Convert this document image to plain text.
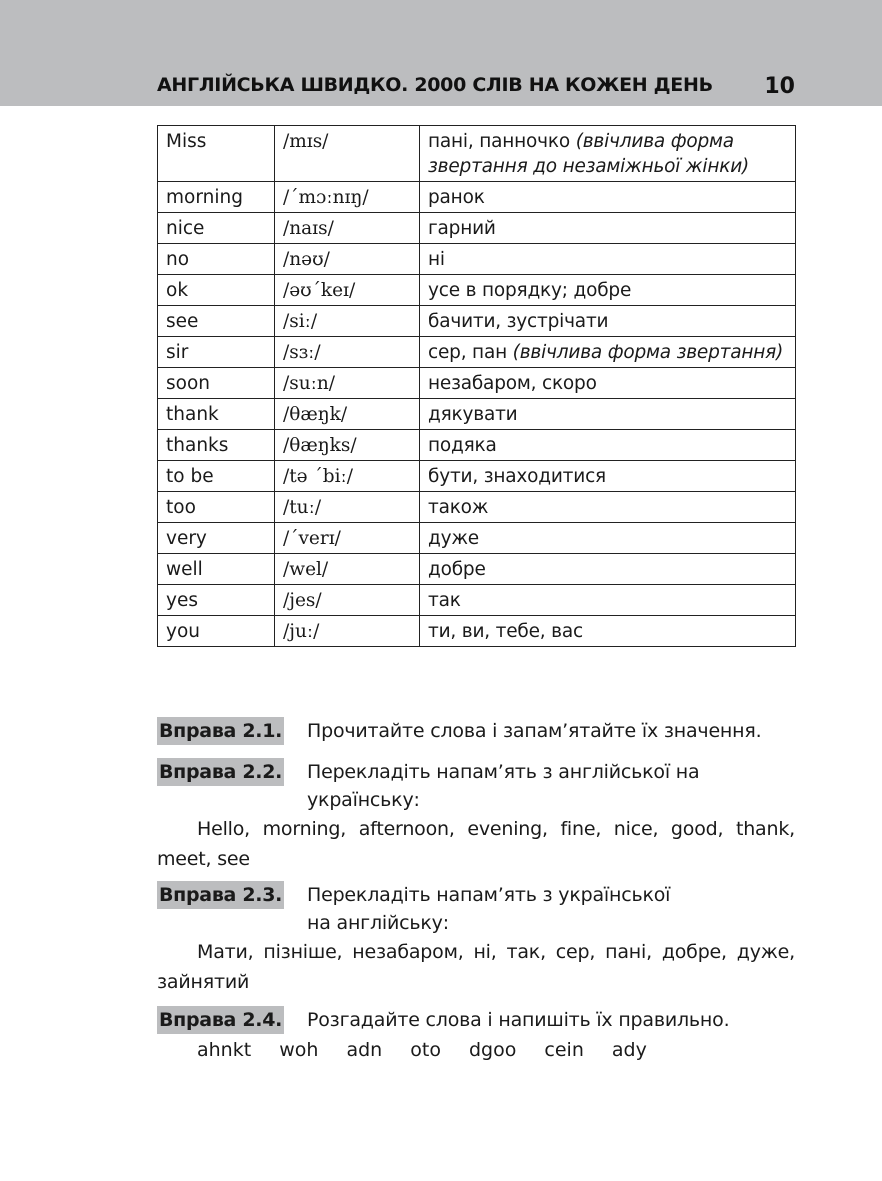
АНГЛІЙСЬКА ШВИДКО. 2000 СЛІВ НА КОЖЕН ДЕНЬ 10
Miss	/mɪs/	пані, панночко (ввічлива форма звертання до незаміжньої жінки)
morning	/ˊmɔːnɪŋ/	ранок
nice	/naɪs/	гарний
no	/nəʊ/	ні
ok	/əʊˊkeɪ/	усе в порядку; добре
see	/siː/	бачити, зустрічати
sir	/sɜː/	сер, пан (ввічлива форма звертання)
soon	/suːn/	незабаром, скоро
thank	/θæŋk/	дякувати
thanks	/θæŋks/	подяка
to be	/tə ˊbiː/	бути, знаходитися
too	/tuː/	також
very	/ˊverɪ/	дуже
well	/wel/	добре
yes	/jes/	так
you	/juː/	ти, ви, тебе, вас
Вправа 2.1. Прочитайте слова і запам’ятайте їх значення.
Вправа 2.2. Перекладіть напам’ять з англійської на
українську:
Hello, morning, afternoon, evening, fine, nice, good, thank, meet, see
Вправа 2.3. Перекладіть напам’ять з української
на англійську:
Мати, пізніше, незабаром, ні, так, сер, пані, добре, дуже, зайнятий
Вправа 2.4. Розгадайте слова і напишіть їх правильно.
ahnkt woh adn oto dgoo cein ady
